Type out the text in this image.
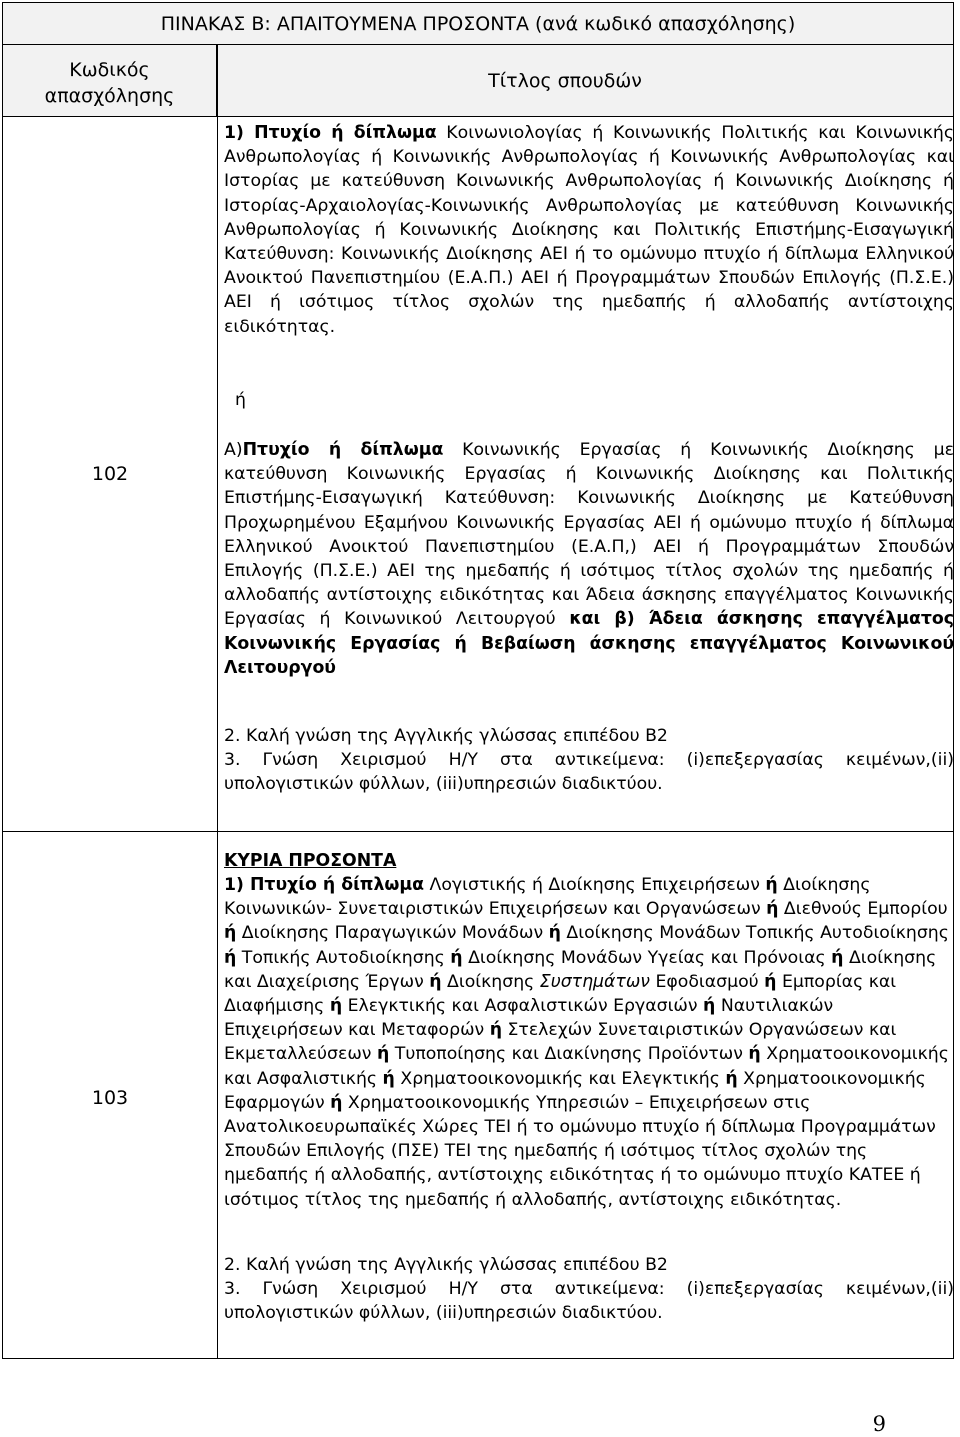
ΠΙΝΑΚΑΣ Β: ΑΠΑΙΤΟΥΜΕΝΑ ΠΡΟΣΟΝΤΑ (ανά κωδικό απασχόλησης)
Κωδικός απασχόλησης
Τίτλος σπουδών
102

1) Πτυχίο ή δίπλωμα Κοινωνιολογίας ή Κοινωνικής Πολιτικής και Κοινωνικής Ανθρωπολογίας ή Κοινωνικής Ανθρωπολογίας ή Κοινωνικής Ανθρωπολογίας και Ιστορίας με κατεύθυνση Κοινωνικής Ανθρωπολογίας ή Κοινωνικής Διοίκησης ή Ιστορίας-Αρχαιολογίας-Κοινωνικής Ανθρωπολογίας με κατεύθυνση Κοινωνικής Ανθρωπολογίας ή Κοινωνικής Διοίκησης και Πολιτικής Επιστήμης-Εισαγωγική Κατεύθυνση: Κοινωνικής Διοίκησης ΑΕΙ ή το ομώνυμο πτυχίο ή δίπλωμα Ελληνικού Ανοικτού Πανεπιστημίου (Ε.Α.Π.) ΑΕΙ ή Προγραμμάτων Σπουδών Επιλογής (Π.Σ.Ε.) ΑΕΙ ή ισότιμος τίτλος σχολών της ημεδαπής ή αλλοδαπής αντίστοιχης ειδικότητας.

ή

Α)Πτυχίο ή δίπλωμα Κοινωνικής Εργασίας ή Κοινωνικής Διοίκησης με κατεύθυνση Κοινωνικής Εργασίας ή Κοινωνικής Διοίκησης και Πολιτικής Επιστήμης-Εισαγωγική Κατεύθυνση: Κοινωνικής Διοίκησης με Κατεύθυνση Προχωρημένου Εξαμήνου Κοινωνικής Εργασίας ΑΕΙ ή ομώνυμο πτυχίο ή δίπλωμα Ελληνικού Ανοικτού Πανεπιστημίου (Ε.Α.Π,) ΑΕΙ ή Προγραμμάτων Σπουδών Επιλογής (Π.Σ.Ε.) ΑΕΙ της ημεδαπής ή ισότιμος τίτλος σχολών της ημεδαπής ή αλλοδαπής αντίστοιχης ειδικότητας και Άδεια άσκησης επαγγέλματος Κοινωνικής Εργασίας ή Κοινωνικού Λειτουργού και β) Άδεια άσκησης επαγγέλματος Κοινωνικής Εργασίας ή Βεβαίωση άσκησης επαγγέλματος Κοινωνικού Λειτουργού

2. Καλή γνώση της Αγγλικής γλώσσας επιπέδου Β2
3. Γνώση Χειρισμού Η/Υ στα αντικείμενα: (i)επεξεργασίας κειμένων,(ii) υπολογιστικών φύλλων, (iii)υπηρεσιών διαδικτύου.
103
ΚΥΡΙΑ ΠΡΟΣΟΝΤΑ

1) Πτυχίο ή δίπλωμα Λογιστικής ή Διοίκησης Επιχειρήσεων ή Διοίκησης Κοινωνικών- Συνεταιριστικών Επιχειρήσεων και Οργανώσεων ή Διεθνούς Εμπορίου ή Διοίκησης Παραγωγικών Μονάδων ή Διοίκησης Μονάδων Τοπικής Αυτοδιοίκησης ή Τοπικής Αυτοδιοίκησης ή Διοίκησης Μονάδων Υγείας και Πρόνοιας ή Διοίκησης και Διαχείρισης Έργων ή Διοίκησης Συστημάτων Εφοδιασμού ή Εμπορίας και Διαφήμισης ή Ελεγκτικής και Ασφαλιστικών Εργασιών ή Ναυτιλιακών Επιχειρήσεων και Μεταφορών ή Στελεχών Συνεταιριστικών Οργανώσεων και Εκμεταλλεύσεων ή Τυποποίησης και Διακίνησης Προϊόντων ή Χρηματοοικονομικής και Ασφαλιστικής ή Χρηματοοικονομικής και Ελεγκτικής ή Χρηματοοικονομικής Εφαρμογών ή Χρηματοοικονομικής Υπηρεσιών – Επιχειρήσεων στις Ανατολικοευρωπαϊκές Χώρες ΤΕΙ ή το ομώνυμο πτυχίο ή δίπλωμα Προγραμμάτων Σπουδών Επιλογής (ΠΣΕ) ΤΕΙ της ημεδαπής ή ισότιμος τίτλος σχολών της ημεδαπής ή αλλοδαπής, αντίστοιχης ειδικότητας ή το ομώνυμο πτυχίο ΚΑΤΕΕ ή ισότιμος τίτλος της ημεδαπής ή αλλοδαπής, αντίστοιχης ειδικότητας.

2. Καλή γνώση της Αγγλικής γλώσσας επιπέδου Β2
3. Γνώση Χειρισμού Η/Υ στα αντικείμενα: (i)επεξεργασίας κειμένων,(ii) υπολογιστικών φύλλων, (iii)υπηρεσιών διαδικτύου.
9
